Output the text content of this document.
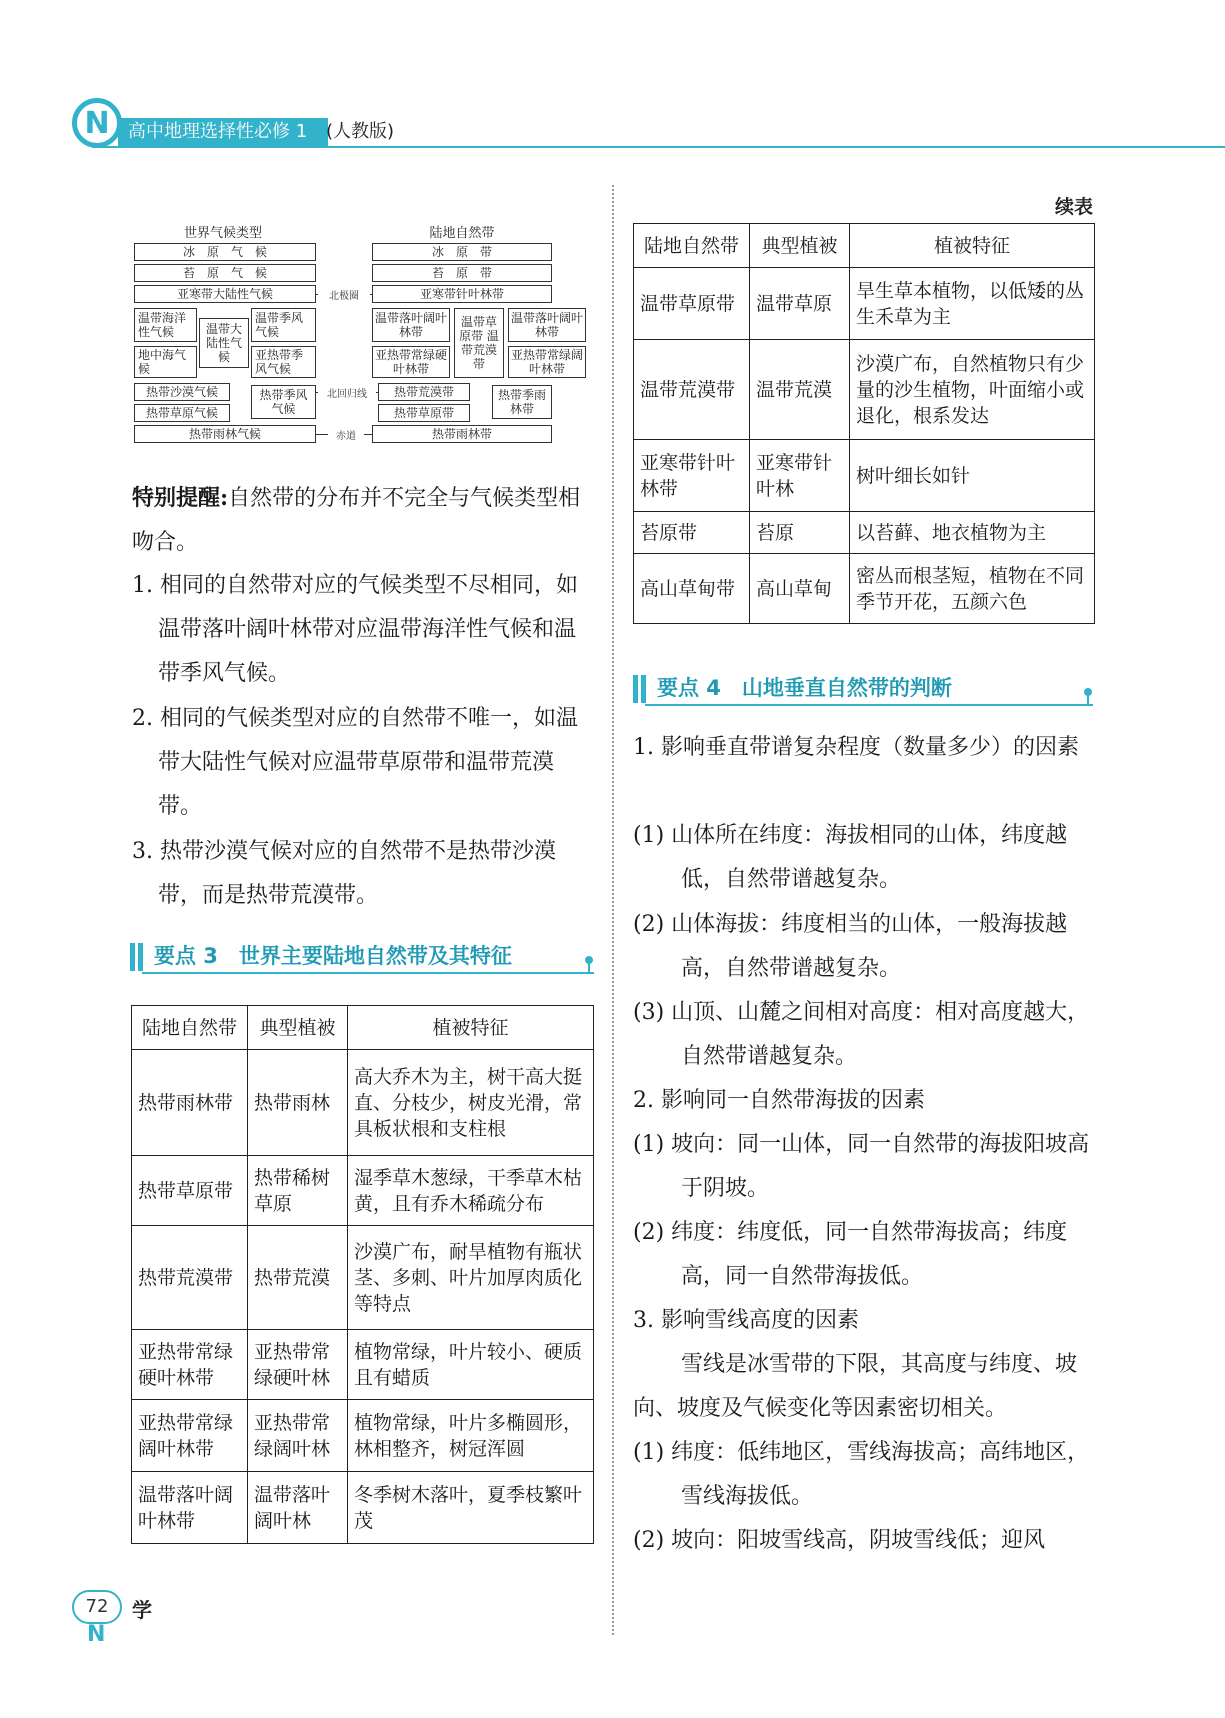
高中地理选择性必修 1	(人教版)
N
世界气候类型	陆地自然带
冰　原　气　候
苔　原　气　候
亚寒带大陆性气候
温带海洋性气候	温带大陆性气候
温带季风气候
地中海气候
亚热带季风气候
热带沙漠气候
热带草原气候
热带季风气候
热带雨林气候
冰　原　带
苔　原　带
亚寒带针叶林带
温带落叶阔叶林带
温带草原带 温带荒漠带
温带落叶阔叶林带
亚热带常绿硬叶林带
亚热带常绿阔叶林带
热带荒漠带
热带草原带
热带季雨林带
热带雨林带
北极圈
北回归线
赤道
特别提醒:自然带的分布并不完全与气候类型相吻合。
1. 相同的自然带对应的气候类型不尽相同，如温带落叶阔叶林带对应温带海洋性气候和温带季风气候。
2. 相同的气候类型对应的自然带不唯一，如温带大陆性气候对应温带草原带和温带荒漠带。
3. 热带沙漠气候对应的自然带不是热带沙漠带，而是热带荒漠带。
要点 3　世界主要陆地自然带及其特征
陆地自然带	典型植被	植被特征
热带雨林带	热带雨林	高大乔木为主，树干高大挺直、分枝少，树皮光滑，常具板状根和支柱根
热带草原带	热带稀树草原	湿季草木葱绿，干季草木枯黄，且有乔木稀疏分布
热带荒漠带	热带荒漠	沙漠广布，耐旱植物有瓶状茎、多刺、叶片加厚肉质化等特点
亚热带常绿硬叶林带	亚热带常绿硬叶林	植物常绿，叶片较小、硬质且有蜡质
亚热带常绿阔叶林带	亚热带常绿阔叶林	植物常绿，叶片多椭圆形，林相整齐，树冠浑圆
温带落叶阔叶林带	温带落叶阔叶林	冬季树木落叶，夏季枝繁叶茂
续表
陆地自然带	典型植被	植被特征
温带草原带	温带草原	旱生草本植物，以低矮的丛生禾草为主
温带荒漠带	温带荒漠	沙漠广布，自然植物只有少量的沙生植物，叶面缩小或退化，根系发达
亚寒带针叶林带	亚寒带针叶林	树叶细长如针
苔原带	苔原	以苔藓、地衣植物为主
高山草甸带	高山草甸	密丛而根茎短，植物在不同季节开花，五颜六色
要点 4　山地垂直自然带的判断
1. 影响垂直带谱复杂程度（数量多少）的因素
(1) 山体所在纬度：海拔相同的山体，纬度越低，自然带谱越复杂。
(2) 山体海拔：纬度相当的山体，一般海拔越高，自然带谱越复杂。
(3) 山顶、山麓之间相对高度：相对高度越大，自然带谱越复杂。
2. 影响同一自然带海拔的因素
(1) 坡向：同一山体，同一自然带的海拔阳坡高于阴坡。
(2) 纬度：纬度低，同一自然带海拔高；纬度高，同一自然带海拔低。
3. 影响雪线高度的因素
雪线是冰雪带的下限，其高度与纬度、坡向、坡度及气候变化等因素密切相关。
(1) 纬度：低纬地区，雪线海拔高；高纬地区，雪线海拔低。
(2) 坡向：阳坡雪线高，阴坡雪线低；迎风
72
N
学
